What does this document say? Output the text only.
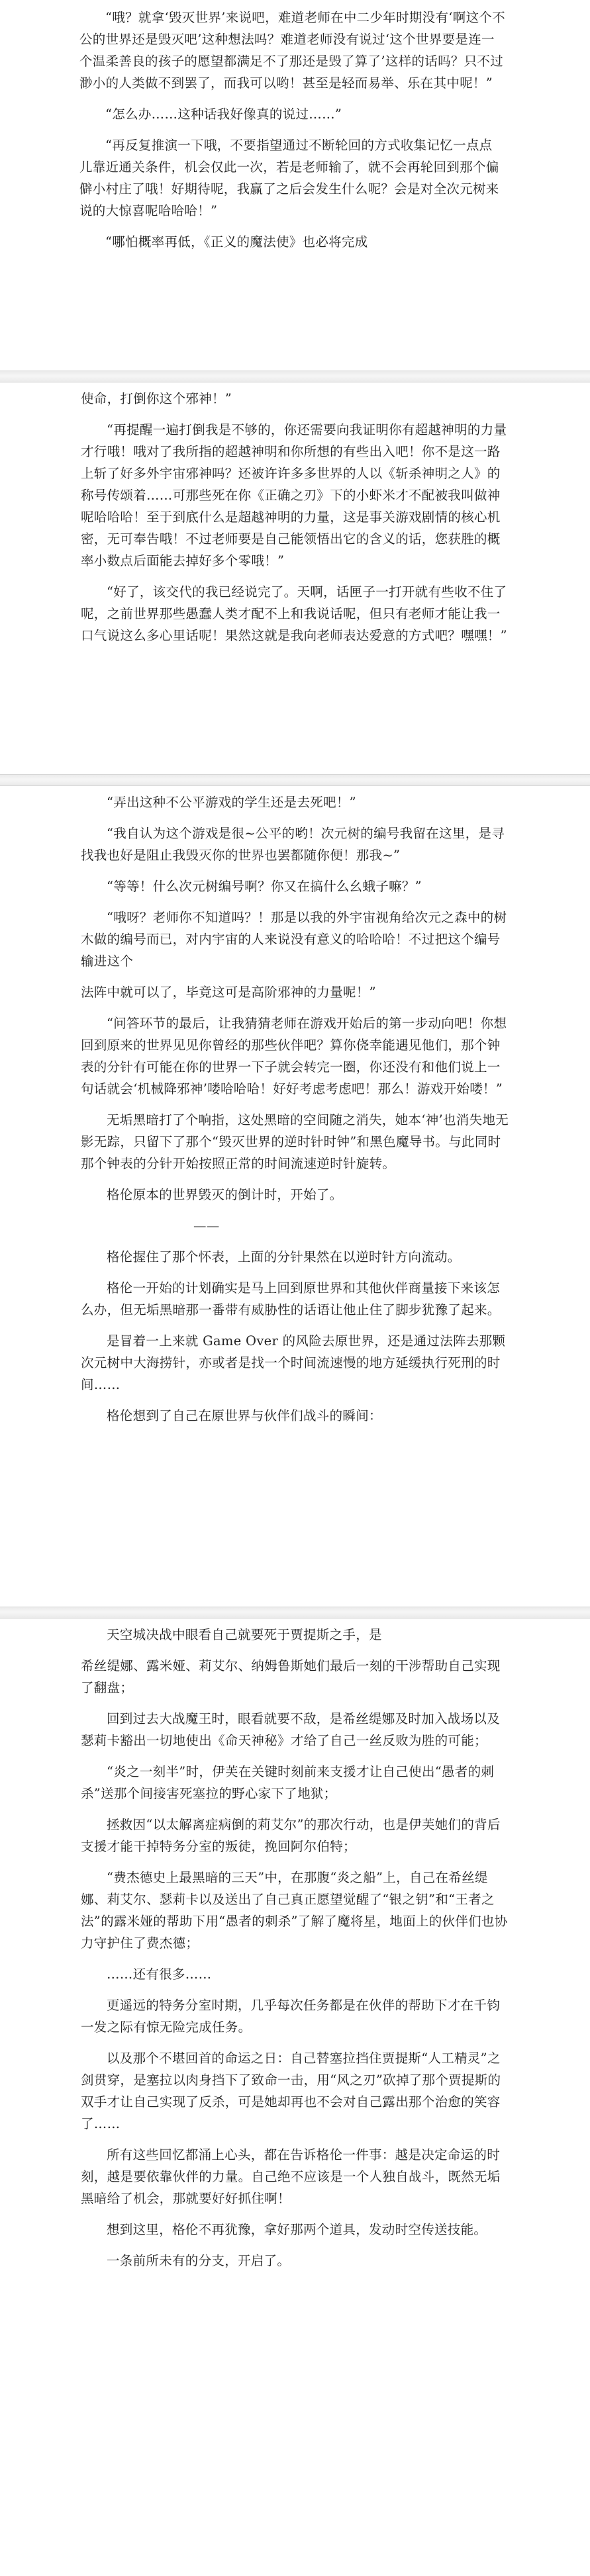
“哦？就拿‘毁灭世界’来说吧，难道老师在中二少年时期没有‘啊这个不公的世界还是毁灭吧’这种想法吗？难道老师没有说过‘这个世界要是连一个温柔善良的孩子的愿望都满足不了那还是毁了算了’这样的话吗？只不过渺小的人类做不到罢了，而我可以哟！甚至是轻而易举、乐在其中呢！”

“怎么办……这种话我好像真的说过……”

“再反复推演一下哦，不要指望通过不断轮回的方式收集记忆一点点儿靠近通关条件，机会仅此一次，若是老师输了，就不会再轮回到那个偏僻小村庄了哦！好期待呢，我赢了之后会发生什么呢？会是对全次元树来说的大惊喜呢哈哈哈！”

“哪怕概率再低，《正义的魔法使》也必将完成

使命，打倒你这个邪神！”

“再提醒一遍打倒我是不够的，你还需要向我证明你有超越神明的力量才行哦！哦对了我所指的超越神明和你所想的有些出入吧！你不是这一路上斩了好多外宇宙邪神吗？还被许许多多世界的人以《斩杀神明之人》的称号传颂着……可那些死在你《正确之刃》下的小虾米才不配被我叫做神呢哈哈哈！至于到底什么是超越神明的力量，这是事关游戏剧情的核心机密，无可奉告哦！不过老师要是自己能领悟出它的含义的话，您获胜的概率小数点后面能去掉好多个零哦！”

“好了，该交代的我已经说完了。天啊，话匣子一打开就有些收不住了呢，之前世界那些愚蠢人类才配不上和我说话呢，但只有老师才能让我一口气说这么多心里话呢！果然这就是我向老师表达爱意的方式吧？嘿嘿！”

“弄出这种不公平游戏的学生还是去死吧！”

“我自认为这个游戏是很~公平的哟！次元树的编号我留在这里，是寻找我也好是阻止我毁灭你的世界也罢都随你便！那我~”

“等等！什么次元树编号啊？你又在搞什么幺蛾子嘛？”

“哦呀？老师你不知道吗？！那是以我的外宇宙视角给次元之森中的树木做的编号而已，对内宇宙的人来说没有意义的哈哈哈！不过把这个编号输进这个

法阵中就可以了，毕竟这可是高阶邪神的力量呢！”

“问答环节的最后，让我猜猜老师在游戏开始后的第一步动向吧！你想回到原来的世界见见你曾经的那些伙伴吧？算你侥幸能遇见他们，那个钟表的分针有可能在你的世界一下子就会转完一圈，你还没有和他们说上一句话就会‘机械降邪神’喽哈哈哈！好好考虑考虑吧！那么！游戏开始喽！”

无垢黑暗打了个响指，这处黑暗的空间随之消失，她本‘神’也消失地无影无踪，只留下了那个“毁灭世界的逆时针时钟”和黑色魔导书。与此同时那个钟表的分针开始按照正常的时间流速逆时针旋转。

格伦原本的世界毁灭的倒计时，开始了。

——

格伦握住了那个怀表，上面的分针果然在以逆时针方向流动。

格伦一开始的计划确实是马上回到原世界和其他伙伴商量接下来该怎么办，但无垢黑暗那一番带有威胁性的话语让他止住了脚步犹豫了起来。

是冒着一上来就 Game Over 的风险去原世界，还是通过法阵去那颗次元树中大海捞针，亦或者是找一个时间流速慢的地方延缓执行死刑的时间……

格伦想到了自己在原世界与伙伴们战斗的瞬间：

天空城决战中眼看自己就要死于贾提斯之手，是

希丝缇娜、露米娅、莉艾尔、纳姆鲁斯她们最后一刻的干涉帮助自己实现了翻盘；

回到过去大战魔王时，眼看就要不敌，是希丝缇娜及时加入战场以及瑟莉卡豁出一切地使出《命天神秘》才给了自己一丝反败为胜的可能；

“炎之一刻半”时，伊芙在关键时刻前来支援才让自己使出“愚者的刺杀”送那个间接害死塞拉的野心家下了地狱；

拯救因“以太解离症病倒的莉艾尔”的那次行动，也是伊芙她们的背后支援才能干掉特务分室的叛徒，挽回阿尔伯特；

“费杰德史上最黑暗的三天”中，在那腹“炎之船”上，自己在希丝缇娜、莉艾尔、瑟莉卡以及送出了自己真正愿望觉醒了“银之钥”和“王者之法”的露米娅的帮助下用“愚者的刺杀”了解了魔将星，地面上的伙伴们也协力守护住了费杰德；

……还有很多……

更遥远的特务分室时期，几乎每次任务都是在伙伴的帮助下才在千钧一发之际有惊无险完成任务。

以及那个不堪回首的命运之日：自己替塞拉挡住贾提斯“人工精灵”之剑贯穿，是塞拉以肉身挡下了致命一击，用“风之刃”砍掉了那个贾提斯的双手才让自己实现了反杀，可是她却再也不会对自己露出那个治愈的笑容了……

所有这些回忆都涌上心头，都在告诉格伦一件事：越是决定命运的时刻，越是要依靠伙伴的力量。自己绝不应该是一个人独自战斗，既然无垢黑暗给了机会，那就要好好抓住啊！

想到这里，格伦不再犹豫，拿好那两个道具，发动时空传送技能。

一条前所未有的分支，开启了。
